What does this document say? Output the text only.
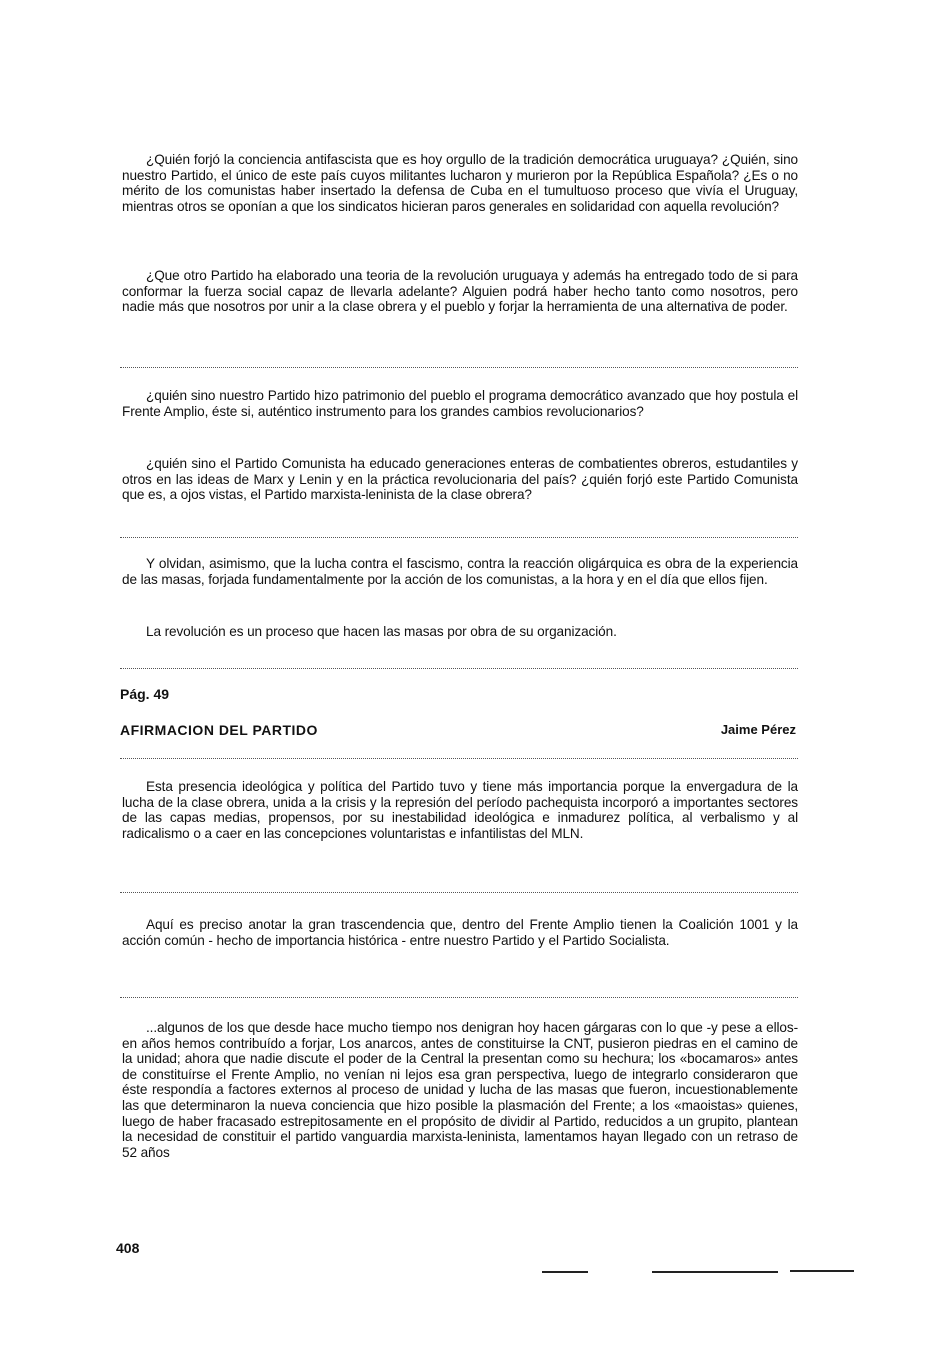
¿Quién forjó la conciencia antifascista que es hoy orgullo de la tradición democrática uruguaya? ¿Quién, sino nuestro Partido, el único de este país cuyos militantes lucharon y murieron por la República Española? ¿Es o no mérito de los comunistas haber insertado la defensa de Cuba en el tumultuoso proceso que vivía el Uruguay, mientras otros se oponían a que los sindicatos hicieran paros generales en solidaridad con aquella revolución?

¿Que otro Partido ha elaborado una teoria de la revolución uruguaya y además ha entregado todo de si para conformar la fuerza social capaz de llevarla adelante? Alguien podrá haber hecho tanto como nosotros, pero nadie más que nosotros por unir a la clase obrera y el pueblo y forjar la herramienta de una alternativa de poder.

¿quién sino nuestro Partido hizo patrimonio del pueblo el programa democrático avanzado que hoy postula el Frente Amplio, éste si, auténtico instrumento para los grandes cambios revolucionarios?

¿quién sino el Partido Comunista ha educado generaciones enteras de combatientes obreros, estudantiles y otros en las ideas de Marx y Lenin y en la práctica revolucionaria del país? ¿quién forjó este Partido Comunista que es, a ojos vistas, el Partido marxista-leninista de la clase obrera?

Y olvidan, asimismo, que la lucha contra el fascismo, contra la reacción oligárquica es obra de la experiencia de las masas, forjada fundamentalmente por la acción de los comunistas, a la hora y en el día que ellos fijen.

La revolución es un proceso que hacen las masas por obra de su organización.

Pág. 49

AFIRMACION DEL PARTIDO	Jaime Pérez

Esta presencia ideológica y política del Partido tuvo y tiene más importancia porque la envergadura de la lucha de la clase obrera, unida a la crisis y la represión del período pachequista incorporó a importantes sectores de las capas medias, propensos, por su inestabilidad ideológica e inmadurez política, al verbalismo y al radicalismo o a caer en las concepciones voluntaristas e infantilistas del MLN.

Aquí es preciso anotar la gran trascendencia que, dentro del Frente Amplio tienen la Coalición 1001 y la acción común - hecho de importancia histórica - entre nuestro Partido y el Partido Socialista.

...algunos de los que desde hace mucho tiempo nos denigran hoy hacen gárgaras con lo que -y pese a ellos- en años hemos contribuído a forjar, Los anarcos, antes de constituirse la CNT, pusieron piedras en el camino de la unidad; ahora que nadie discute el poder de la Central la presentan como su hechura; los «bocamaros» antes de constituírse el Frente Amplio, no venían ni lejos esa gran perspectiva, luego de integrarlo consideraron que éste respondía a factores externos al proceso de unidad y lucha de las masas que fueron, incuestionablemente las que determinaron la nueva conciencia que hizo posible la plasmación del Frente; a los «maoistas» quienes, luego de haber fracasado estrepitosamente en el propósito de dividir al Partido, reducidos a un grupito, plantean la necesidad de constituir el partido vanguardia marxista-leninista, lamentamos hayan llegado con un retraso de 52 años

408
